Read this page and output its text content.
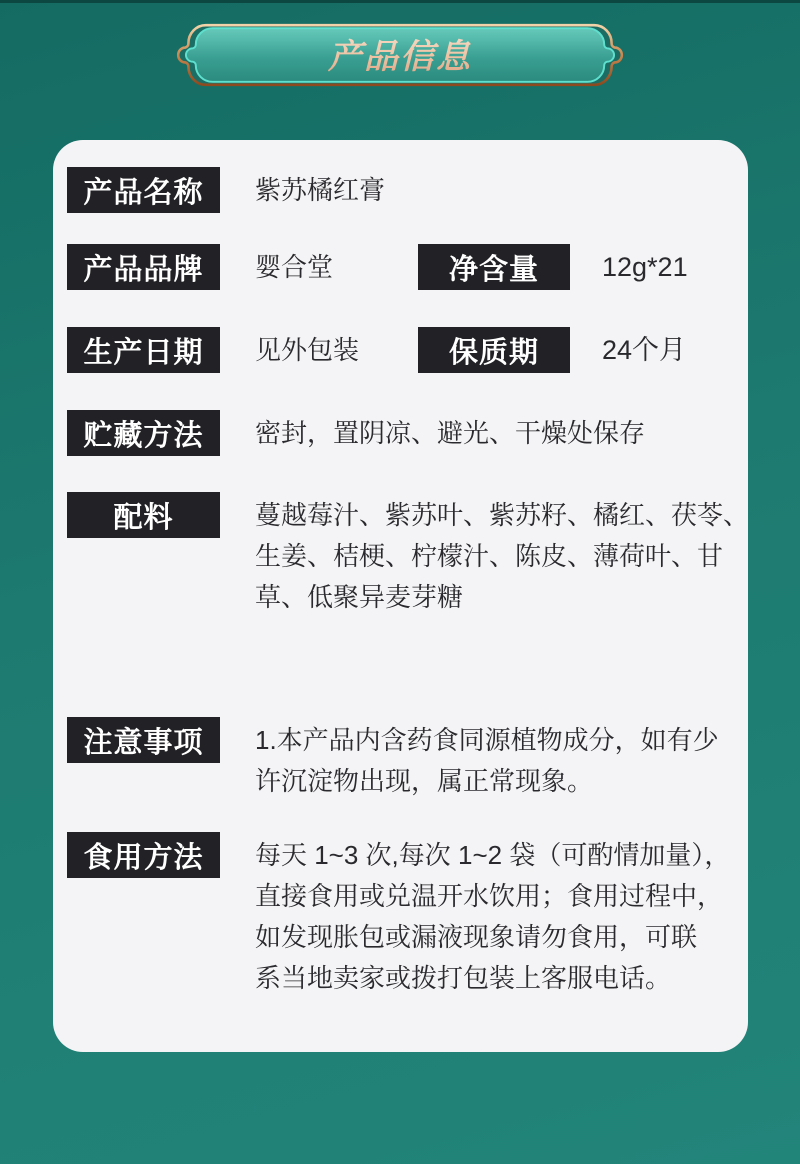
产品信息
产品名称	紫苏橘红膏
产品品牌	婴合堂	净含量	12g*21
生产日期	见外包装	保质期	24个月
贮藏方法	密封，置阴凉、避光、干燥处保存
配料	蔓越莓汁、紫苏叶、紫苏籽、橘红、茯苓、
生姜、桔梗、柠檬汁、陈皮、薄荷叶、甘
草、低聚异麦芽糖
注意事项	1.本产品内含药食同源植物成分，如有少
许沉淀物出现，属正常现象。
食用方法	每天 1~3 次,每次 1~2 袋（可酌情加量），
直接食用或兑温开水饮用；食用过程中，
如发现胀包或漏液现象请勿食用，可联
系当地卖家或拨打包装上客服电话。
